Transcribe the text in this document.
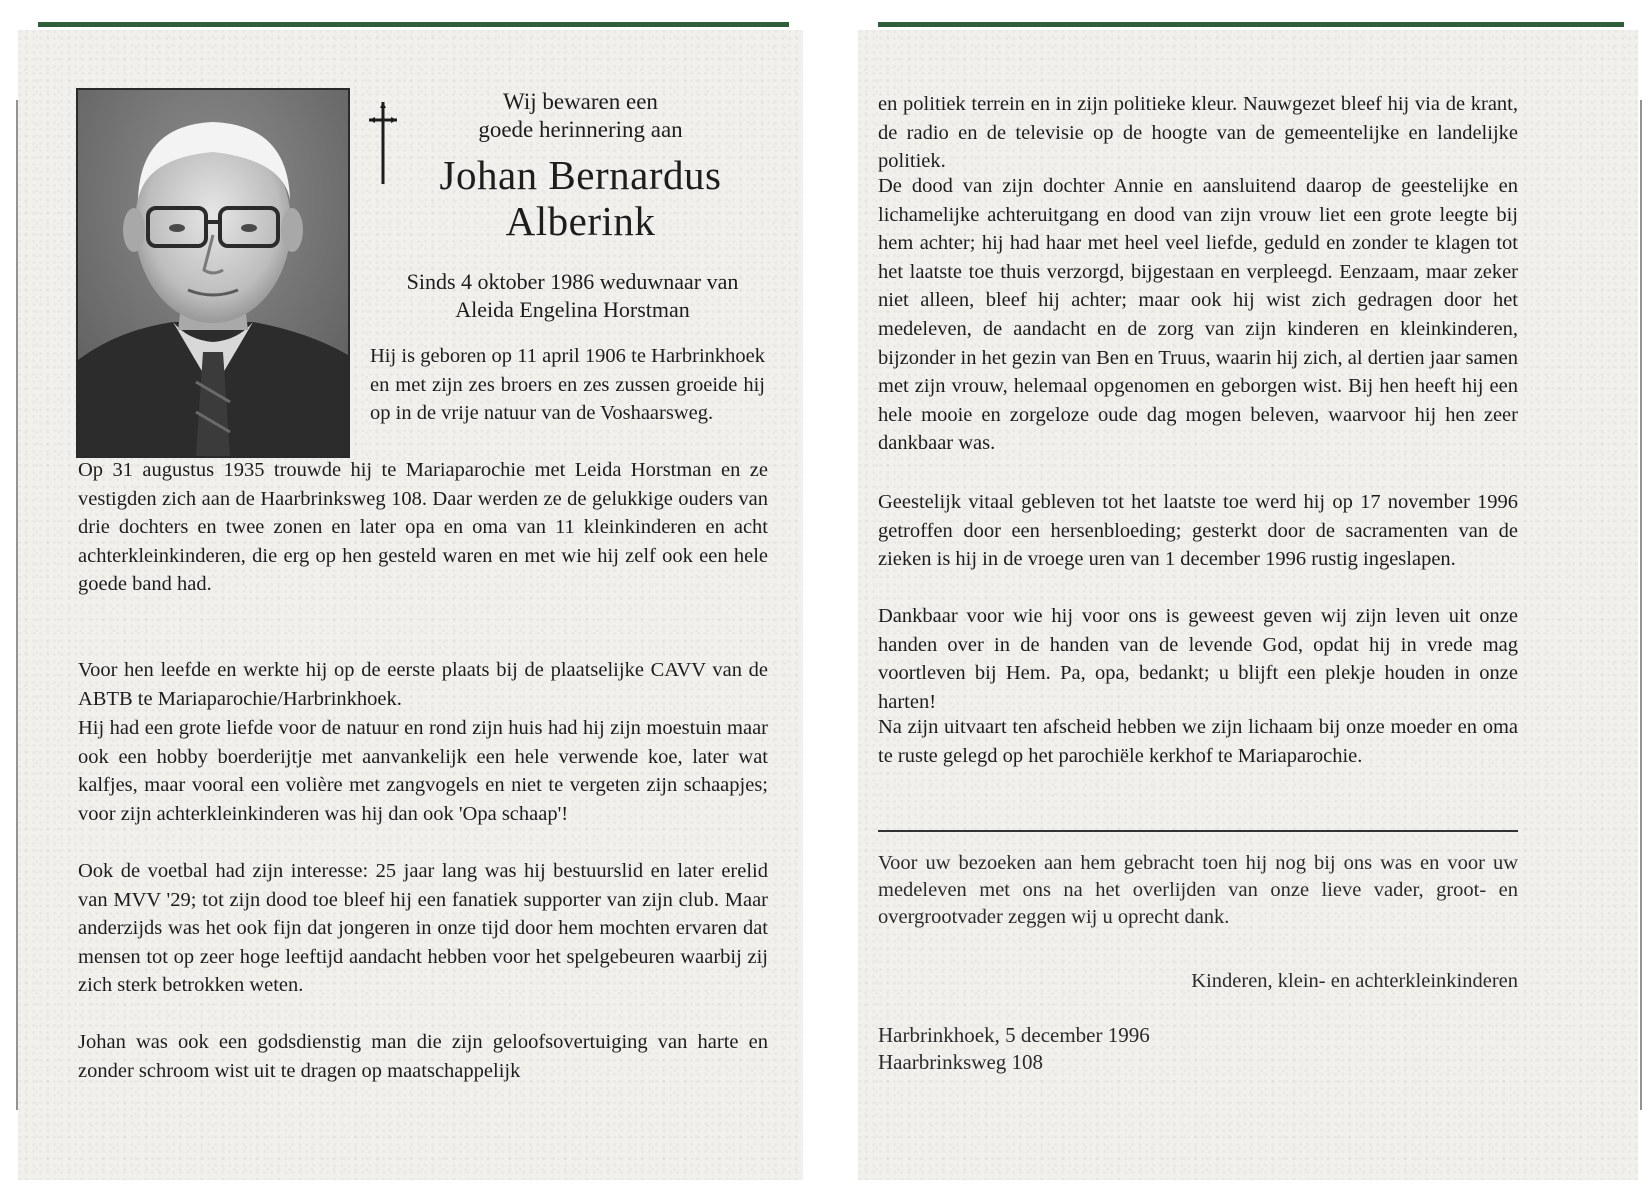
Wij bewaren een
goede herinnering aan
Johan Bernardus
Alberink
Sinds 4 oktober 1986 weduwnaar van
Aleida Engelina Horstman

Hij is geboren op 11 april 1906 te Harbrinkhoek en met zijn zes broers en zes zussen groeide hij op in de vrije natuur van de Voshaarsweg.

Op 31 augustus 1935 trouwde hij te Mariaparochie met Leida Horstman en ze vestigden zich aan de Haarbrinksweg 108. Daar werden ze de gelukkige ouders van drie dochters en twee zonen en later opa en oma van 11 kleinkinderen en acht achterkleinkinderen, die erg op hen gesteld waren en met wie hij zelf ook een hele goede band had.

Voor hen leefde en werkte hij op de eerste plaats bij de plaatselijke CAVV van de ABTB te Mariaparochie/Harbrinkhoek.

Hij had een grote liefde voor de natuur en rond zijn huis had hij zijn moestuin maar ook een hobby boerderijtje met aanvankelijk een hele verwende koe, later wat kalfjes, maar vooral een volière met zangvogels en niet te vergeten zijn schaapjes; voor zijn achterkleinkinderen was hij dan ook 'Opa schaap'!

Ook de voetbal had zijn interesse: 25 jaar lang was hij bestuurslid en later erelid van MVV '29; tot zijn dood toe bleef hij een fanatiek supporter van zijn club. Maar anderzijds was het ook fijn dat jongeren in onze tijd door hem mochten ervaren dat mensen tot op zeer hoge leeftijd aandacht hebben voor het spelgebeuren waarbij zij zich sterk betrokken weten.

Johan was ook een godsdienstig man die zijn geloofsovertuiging van harte en zonder schroom wist uit te dragen op maatschappelijk

en politiek terrein en in zijn politieke kleur. Nauwgezet bleef hij via de krant, de radio en de televisie op de hoogte van de gemeentelijke en landelijke politiek.

De dood van zijn dochter Annie en aansluitend daarop de geestelijke en lichamelijke achteruitgang en dood van zijn vrouw liet een grote leegte bij hem achter; hij had haar met heel veel liefde, geduld en zonder te klagen tot het laatste toe thuis verzorgd, bijgestaan en verpleegd. Eenzaam, maar zeker niet alleen, bleef hij achter; maar ook hij wist zich gedragen door het medeleven, de aandacht en de zorg van zijn kinderen en kleinkinderen, bijzonder in het gezin van Ben en Truus, waarin hij zich, al dertien jaar samen met zijn vrouw, helemaal opgenomen en geborgen wist. Bij hen heeft hij een hele mooie en zorgeloze oude dag mogen beleven, waarvoor hij hen zeer dankbaar was.

Geestelijk vitaal gebleven tot het laatste toe werd hij op 17 november 1996 getroffen door een hersenbloeding; gesterkt door de sacramenten van de zieken is hij in de vroege uren van 1 december 1996 rustig ingeslapen.

Dankbaar voor wie hij voor ons is geweest geven wij zijn leven uit onze handen over in de handen van de levende God, opdat hij in vrede mag voortleven bij Hem. Pa, opa, bedankt; u blijft een plekje houden in onze harten!

Na zijn uitvaart ten afscheid hebben we zijn lichaam bij onze moeder en oma te ruste gelegd op het parochiële kerkhof te Mariaparochie.

Voor uw bezoeken aan hem gebracht toen hij nog bij ons was en voor uw medeleven met ons na het overlijden van onze lieve vader, groot- en overgrootvader zeggen wij u oprecht dank.

Kinderen, klein- en achterkleinkinderen
Harbrinkhoek, 5 december 1996
Haarbrinksweg 108
